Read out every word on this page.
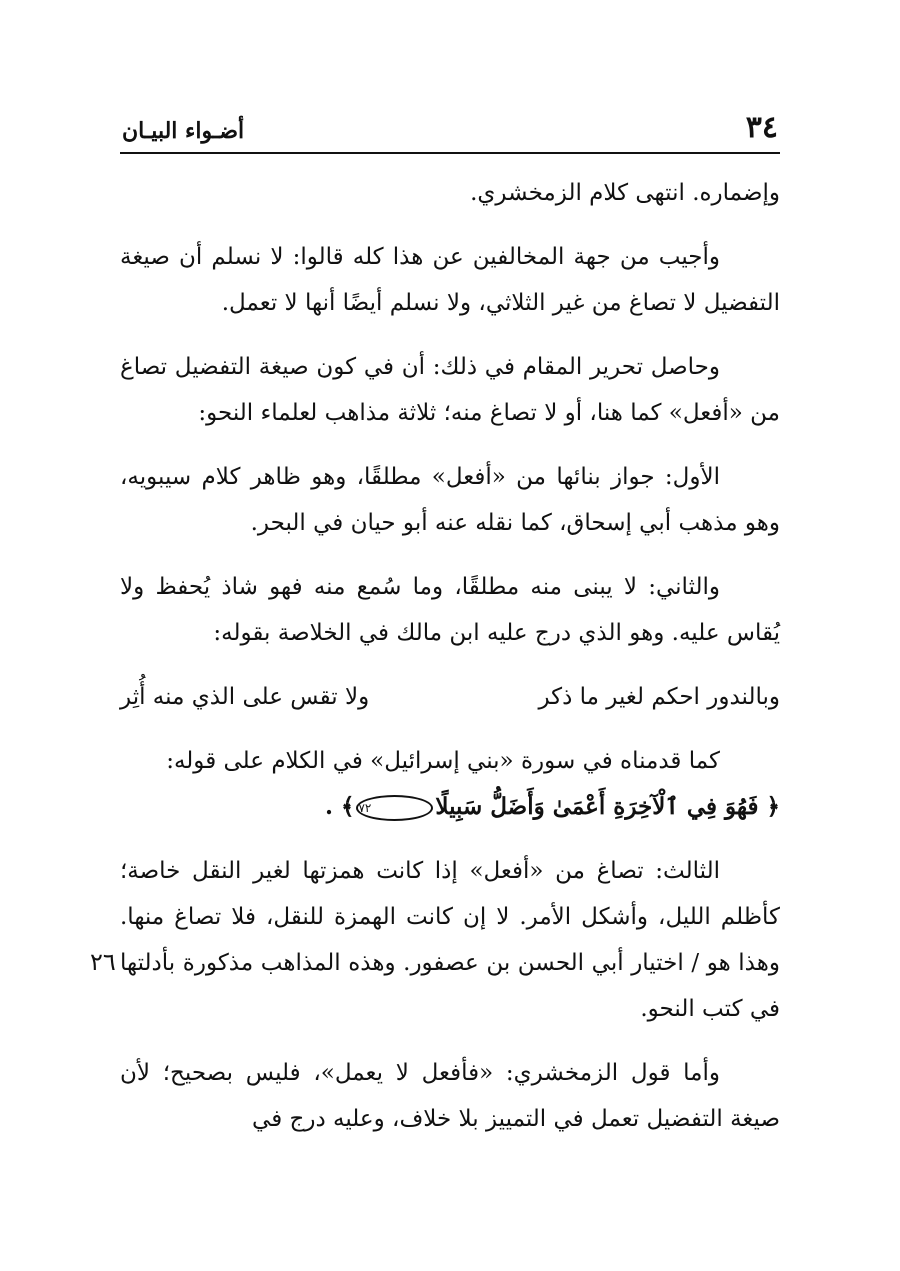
٣٤
أضـواء البيـان
٢٦

وإضماره. انتهى كلام الزمخشري.

وأجيب من جهة المخالفين عن هذا كله قالوا: لا نسلم أن صيغة التفضيل لا تصاغ من غير الثلاثي، ولا نسلم أيضًا أنها لا تعمل.

وحاصل تحرير المقام في ذلك: أن في كون صيغة التفضيل تصاغ من «أفعل» كما هنا، أو لا تصاغ منه؛ ثلاثة مذاهب لعلماء النحو:

الأول: جواز بنائها من «أفعل» مطلقًا، وهو ظاهر كلام سيبويه، وهو مذهب أبي إسحاق، كما نقله عنه أبو حيان في البحر.

والثاني: لا يبنى منه مطلقًا، وما سُمع منه فهو شاذ يُحفظ ولا يُقاس عليه. وهو الذي درج عليه ابن مالك في الخلاصة بقوله:

وبالندور احكم لغير ما ذكر
ولا تقس على الذي منه أُثِر

كما قدمناه في سورة «بني إسرائيل» في الكلام على قوله:
﴿ فَهُوَ فِي ٱلْآخِرَةِ أَعْمَىٰ وَأَضَلُّ سَبِيلًا٧٢﴾ .

الثالث: تصاغ من «أفعل» إذا كانت همزتها لغير النقل خاصة؛ كأظلم الليل، وأشكل الأمر. لا إن كانت الهمزة للنقل، فلا تصاغ منها. وهذا هو / اختيار أبي الحسن بن عصفور. وهذه المذاهب مذكورة بأدلتها في كتب النحو.

وأما قول الزمخشري: «فأفعل لا يعمل»، فليس بصحيح؛ لأن صيغة التفضيل تعمل في التمييز بلا خلاف، وعليه درج في
